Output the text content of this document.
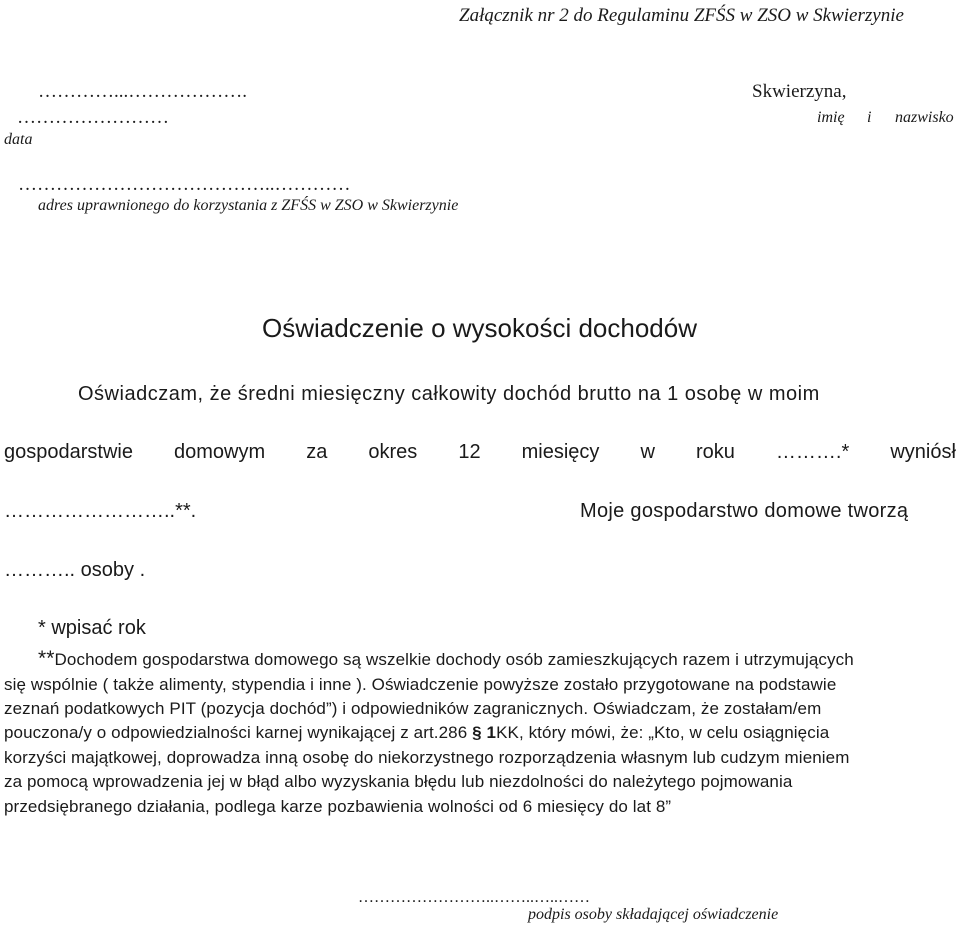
Załącznik nr 2 do Regulaminu ZFŚS w ZSO w Skwierzynie
…………...……………….	Skwierzyna,
……………………	imię i nazwisko
data
…………………………………..…………
adres uprawnionego do korzystania z ZFŚS w ZSO w Skwierzynie
Oświadczenie o wysokości dochodów
Oświadczam, że średni miesięczny całkowity dochód brutto na 1 osobę w moim
gospodarstwie domowym za okres 12 miesięcy w roku ……….* wyniósł
……………………..**.	Moje gospodarstwo domowe tworzą
……….. osoby .
* wpisać rok
**Dochodem gospodarstwa domowego są wszelkie dochody osób zamieszkujących razem i utrzymujących
się wspólnie ( także alimenty, stypendia i inne ). Oświadczenie powyższe zostało przygotowane na podstawie
zeznań podatkowych PIT (pozycja dochód”) i odpowiedników zagranicznych. Oświadczam, że zostałam/em
pouczona/y o odpowiedzialności karnej wynikającej z art.286 § 1KK, który mówi, że: „Kto, w celu osiągnięcia
korzyści majątkowej, doprowadza inną osobę do niekorzystnego rozporządzenia własnym lub cudzym mieniem
za pomocą wprowadzenia jej w błąd albo wyzyskania błędu lub niezdolności do należytego pojmowania
przedsiębranego działania, podlega karze pozbawienia wolności od 6 miesięcy do lat 8”
……………………..……..…..……
podpis osoby składającej oświadczenie
